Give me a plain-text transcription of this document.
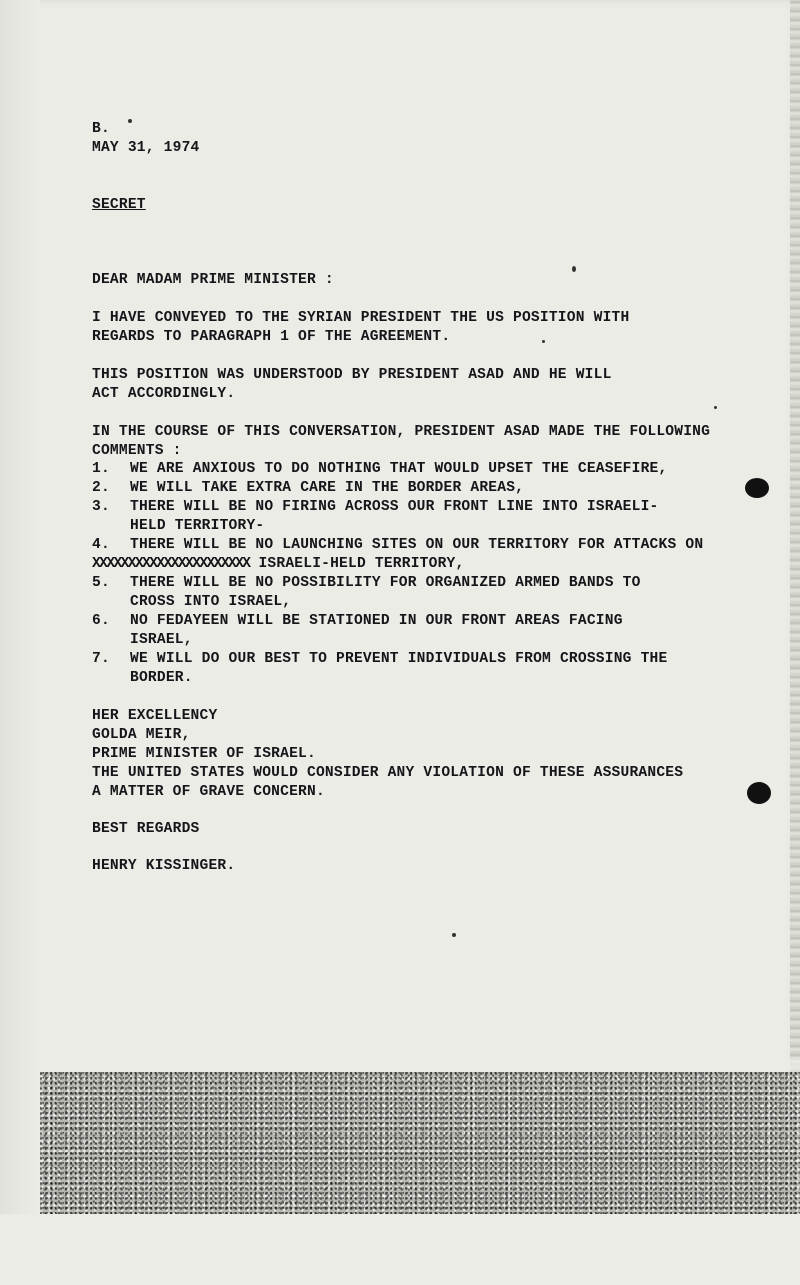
B.
MAY 31, 1974
SECRET
DEAR MADAM PRIME MINISTER :
I HAVE CONVEYED TO THE SYRIAN PRESIDENT THE US POSITION WITH
REGARDS TO PARAGRAPH 1 OF THE AGREEMENT.
THIS POSITION WAS UNDERSTOOD BY PRESIDENT ASAD AND HE WILL
ACT ACCORDINGLY.
IN THE COURSE OF THIS CONVERSATION, PRESIDENT ASAD MADE THE FOLLOWING
COMMENTS :
1. WE ARE ANXIOUS TO DO NOTHING THAT WOULD UPSET THE CEASEFIRE,
2. WE WILL TAKE EXTRA CARE IN THE BORDER AREAS,
3. THERE WILL BE NO FIRING ACROSS OUR FRONT LINE INTO ISRAELI-
HELD TERRITORY-
4. THERE WILL BE NO LAUNCHING SITES ON OUR TERRITORY FOR ATTACKS ON
XXXXXXXXXXXXXXXXXXXXXX ISRAELI-HELD TERRITORY,
5. THERE WILL BE NO POSSIBILITY FOR ORGANIZED ARMED BANDS TO
CROSS INTO ISRAEL,
6. NO FEDAYEEN WILL BE STATIONED IN OUR FRONT AREAS FACING
ISRAEL,
7. WE WILL DO OUR BEST TO PREVENT INDIVIDUALS FROM CROSSING THE
BORDER.
HER EXCELLENCY
GOLDA MEIR,
PRIME MINISTER OF ISRAEL.
THE UNITED STATES WOULD CONSIDER ANY VIOLATION OF THESE ASSURANCES
A MATTER OF GRAVE CONCERN.
BEST REGARDS
HENRY KISSINGER.
